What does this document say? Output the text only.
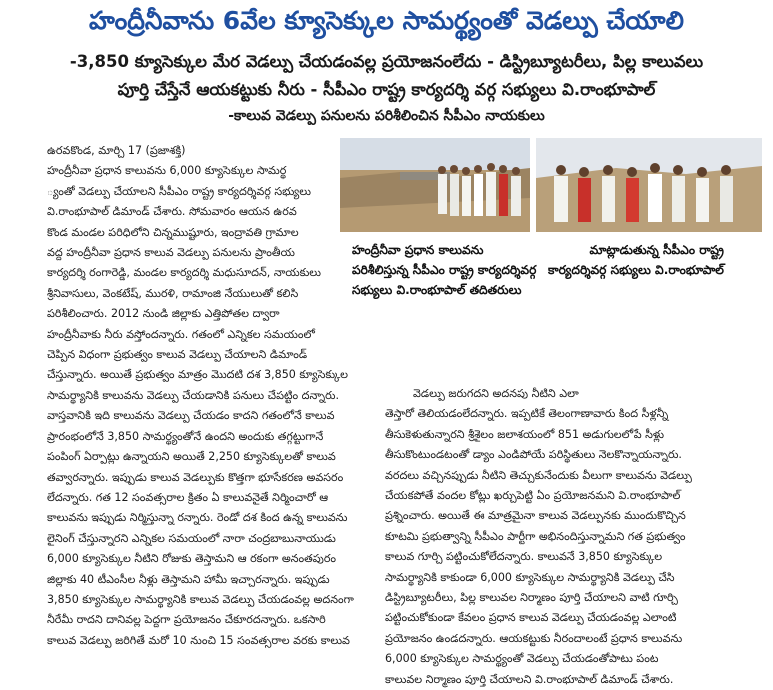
హంద్రీనీవాను 6వేల క్యూసెక్కుల సామర్థ్యంతో వెడల్పు చేయాలి
-3,850 క్యూసెక్కుల మేర వెడల్పు చేయడంవల్ల ప్రయోజనంలేదు - డిస్ట్రిబ్యూటరీలు, పిల్ల కాలువలు
పూర్తి చేస్తేనే ఆయకట్టుకు నీరు - సీపీఎం రాష్ట్ర కార్యదర్శి వర్గ సభ్యులు వి.రాంభూపాల్
-కాలువ వెడల్పు పనులను పరిశీలించిన సీపీఎం నాయకులు

హంద్రీనీవా ప్రధాన కాలువను

పరిశీలిస్తున్న సీపీఎం రాష్ట్ర కార్యదర్శివర్గ

సభ్యులు వి.రాంభూపాల్ తదితరులు

మాట్లాడుతున్న సీపీఎం రాష్ట్ర

కార్యదర్శివర్గ సభ్యులు వి.రాంభూపాల్

ఉరవకొండ, మార్చి 17 (ప్రజాశక్తి)

హంద్రీనీవా ప్రధాన కాలువను 6,000 క్యూసెక్కుల సామర్థ

్యంతో వెడల్పు చేయాలని సీపీఎం రాష్ట్ర కార్యదర్శివర్గ సభ్యులు

వి.రాంభూపాల్ డిమాండ్ చేశారు. సోమవారం ఆయన ఉరవ

కొండ మండల పరిధిలోని చిన్నముష్టూరు, ఇంద్రావతి గ్రామాల

వద్ద హంద్రీనీవా ప్రధాన కాలువ వెడల్పు పనులను ప్రాంతీయ

కార్యదర్శి రంగారెడ్డి, మండల కార్యదర్శి మధుసూదన్, నాయకులు

శ్రీనివాసులు, వెంకటేష్, మురళి, రామాంజి నేయులుతో కలిసి

పరిశీలించారు. 2012 నుండి జిల్లాకు ఎత్తిపోతల ద్వారా

హంద్రీనీవాకు నీరు వస్తోందన్నారు. గతంలో ఎన్నికల సమయంలో

చెప్పిన విధంగా ప్రభుత్వం కాలువ వెడల్పు చేయాలని డిమాండ్

చేస్తున్నారు. అయితే ప్రభుత్వం మాత్రం మొదటి దశ 3,850 క్యూసెక్కుల

సామర్థ్యానికి కాలువను వెడల్పు చేయడానికి పనులు చేపట్టిం దన్నారు.

వాస్తవానికి ఇది కాలువను వెడల్పు చేయడం కాదని గతంలోనే కాలువ

ప్రారంభంలోనే 3,850 సామర్థ్యంతోనే ఉందని అందుకు తగ్గట్టుగానే

పంపింగ్ ఏర్పాట్లు ఉన్నాయని అయితే 2,250 క్యూసెక్కులతో కాలువ

తవ్వారన్నారు. ఇప్పుడు కాలువ వెడల్పుకు కొత్తగా భూసేకరణ అవసరం

లేదన్నారు. గత 12 సంవత్సరాల క్రితం ఏ కాలువనైతే నిర్మించారో ఆ

కాలువను ఇప్పుడు నిర్మిస్తున్నా రన్నారు. రెండో దశ కింద ఉన్న కాలువను

లైనింగ్ చేస్తున్నారని ఎన్నికల సమయంలో నారా చంద్రబాబునాయుడు

6,000 క్యూసెక్కుల నీటిని రోజుకు తెస్తామని ఆ రకంగా అనంతపురం

జిల్లాకు 40 టీఎంసీల నీళ్లు తెస్తామని హామీ ఇచ్చారన్నారు. ఇప్పుడు

3,850 క్యూసెక్కుల సామర్థ్యానికి కాలువ వెడల్పు చేయడంవల్ల అదనంగా

నీరేమీ రాదని దానివల్ల పెద్దగా ప్రయోజనం చేకూరదన్నారు. ఒకసారి

కాలువ వెడల్పు జరిగితే మరో 10 నుంచి 15 సంవత్సరాల వరకు కాలువ

వెడల్పు జరుగదని అదనపు నీటిని ఎలా

తెస్తారో తెలియడంలేదన్నారు. ఇప్పటికే తెలంగాణావారు కింద సీళ్లన్నీ

తీసుకెళుతున్నారని శ్రీశైలం జలాశయంలో 851 అడుగులలోపే సీళ్లు

తీసుకొంటుండటంతో డ్యాం ఎండిపోయే పరిస్థితులు నెలకొన్నాయన్నారు.

వరదలు వచ్చినప్పుడు నీటిని తెచ్చుకునేందుకు వీలుగా కాలువను వెడల్పు

చేయకపోతే వందల కోట్లు ఖర్చుపెట్టి ఏం ప్రయోజనమని వి.రాంభూపాల్

ప్రశ్నించారు. అయితే ఈ మాత్రమైనా కాలువ వెడల్పునకు ముందుకొచ్చిన

కూటమి ప్రభుత్వాన్ని సీపీఎం పార్టీగా అభినందిస్తున్నామని గత ప్రభుత్వం

కాలువ గూర్చి పట్టించుకోలేదన్నారు. కాలువనే 3,850 క్యూసెక్కుల

సామర్థ్యానికి కాకుండా 6,000 క్యూసెక్కుల సామర్థ్యానికి వెడల్పు చేసి

డిస్ట్రిబ్యూటరీలు, పిల్ల కాలువల నిర్మాణం పూర్తి చేయాలని వాటి గూర్చి

పట్టించుకోకుండా కేవలం ప్రధాన కాలువ వెడల్పు చేయడంవల్ల ఎలాంటి

ప్రయోజనం ఉండదన్నారు. ఆయకట్టుకు నీరందాలంటే ప్రధాన కాలువను

6,000 క్యూసెక్కుల సామర్థ్యంతో వెడల్పు చేయడంతోపాటు పంట

కాలువల నిర్మాణం పూర్తి చేయాలని వి.రాంభూపాల్ డిమాండ్ చేశారు.
